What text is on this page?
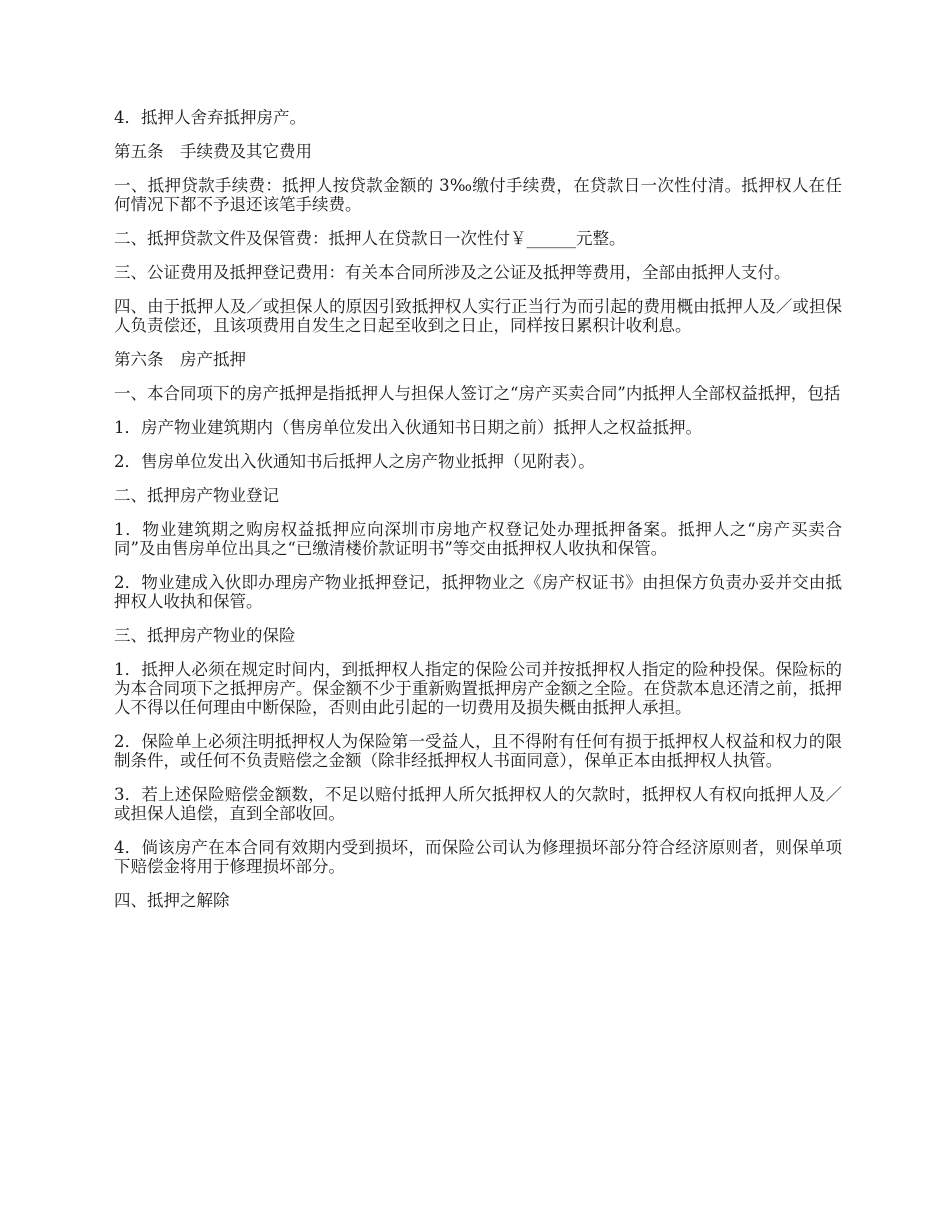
4．抵押人舍弃抵押房产。

第五条　手续费及其它费用

一、抵押贷款手续费：抵押人按贷款金额的 3‰缴付手续费，在贷款日一次性付清。抵押权人在任何情况下都不予退还该笔手续费。

二、抵押贷款文件及保管费：抵押人在贷款日一次性付￥______元整。

三、公证费用及抵押登记费用：有关本合同所涉及之公证及抵押等费用，全部由抵押人支付。

四、由于抵押人及／或担保人的原因引致抵押权人实行正当行为而引起的费用概由抵押人及／或担保人负责偿还，且该项费用自发生之日起至收到之日止，同样按日累积计收利息。

第六条　房产抵押

一、本合同项下的房产抵押是指抵押人与担保人签订之“房产买卖合同”内抵押人全部权益抵押，包括

1．房产物业建筑期内（售房单位发出入伙通知书日期之前）抵押人之权益抵押。

2．售房单位发出入伙通知书后抵押人之房产物业抵押（见附表）。

二、抵押房产物业登记

1．物业建筑期之购房权益抵押应向深圳市房地产权登记处办理抵押备案。抵押人之“房产买卖合同”及由售房单位出具之“已缴清楼价款证明书”等交由抵押权人收执和保管。

2．物业建成入伙即办理房产物业抵押登记，抵押物业之《房产权证书》由担保方负责办妥并交由抵押权人收执和保管。

三、抵押房产物业的保险

1．抵押人必须在规定时间内，到抵押权人指定的保险公司并按抵押权人指定的险种投保。保险标的为本合同项下之抵押房产。保金额不少于重新购置抵押房产金额之全险。在贷款本息还清之前，抵押人不得以任何理由中断保险，否则由此引起的一切费用及损失概由抵押人承担。

2．保险单上必须注明抵押权人为保险第一受益人，且不得附有任何有损于抵押权人权益和权力的限制条件，或任何不负责赔偿之金额（除非经抵押权人书面同意），保单正本由抵押权人执管。

3．若上述保险赔偿金额数，不足以赔付抵押人所欠抵押权人的欠款时，抵押权人有权向抵押人及／或担保人追偿，直到全部收回。

4．倘该房产在本合同有效期内受到损坏，而保险公司认为修理损坏部分符合经济原则者，则保单项下赔偿金将用于修理损坏部分。

四、抵押之解除
